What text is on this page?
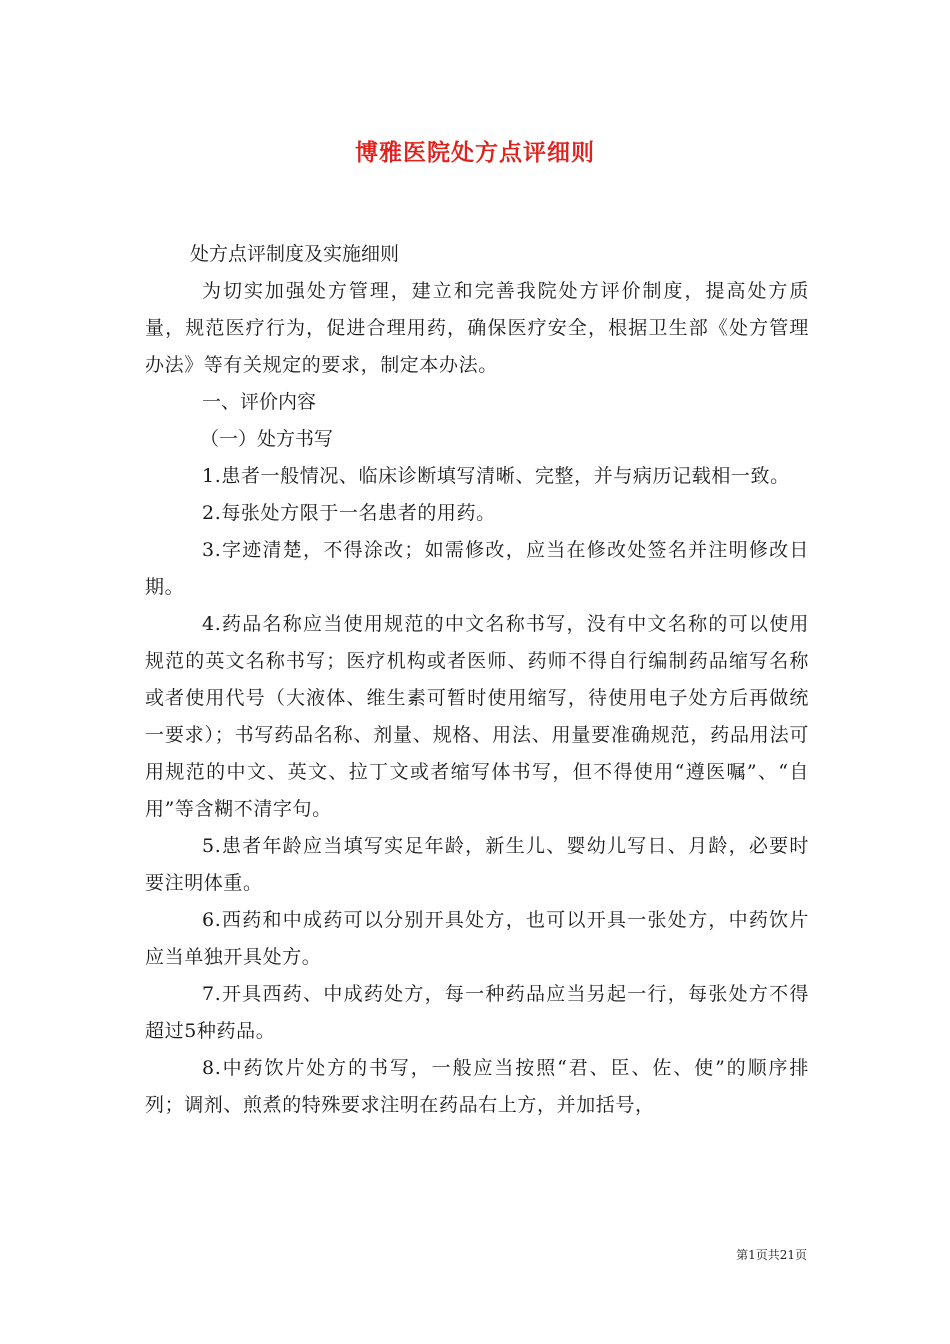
博雅医院处方点评细则
处方点评制度及实施细则

为切实加强处方管理，建立和完善我院处方评价制度，提高处方质量，规范医疗行为，促进合理用药，确保医疗安全，根据卫生部《处方管理办法》等有关规定的要求，制定本办法。

一、评价内容
（一）处方书写

1.患者一般情况、临床诊断填写清晰、完整，并与病历记载相一致。

2.每张处方限于一名患者的用药。

3.字迹清楚，不得涂改；如需修改，应当在修改处签名并注明修改日期。

4.药品名称应当使用规范的中文名称书写，没有中文名称的可以使用规范的英文名称书写；医疗机构或者医师、药师不得自行编制药品缩写名称或者使用代号（大液体、维生素可暂时使用缩写，待使用电子处方后再做统一要求）；书写药品名称、剂量、规格、用法、用量要准确规范，药品用法可用规范的中文、英文、拉丁文或者缩写体书写，但不得使用“遵医嘱”、“自用”等含糊不清字句。

5.患者年龄应当填写实足年龄，新生儿、婴幼儿写日、月龄，必要时要注明体重。

6.西药和中成药可以分别开具处方，也可以开具一张处方，中药饮片应当单独开具处方。

7.开具西药、中成药处方，每一种药品应当另起一行，每张处方不得超过5种药品。

8.中药饮片处方的书写，一般应当按照“君、臣、佐、使”的顺序排列；调剂、煎煮的特殊要求注明在药品右上方，并加括号，

第1页共21页
